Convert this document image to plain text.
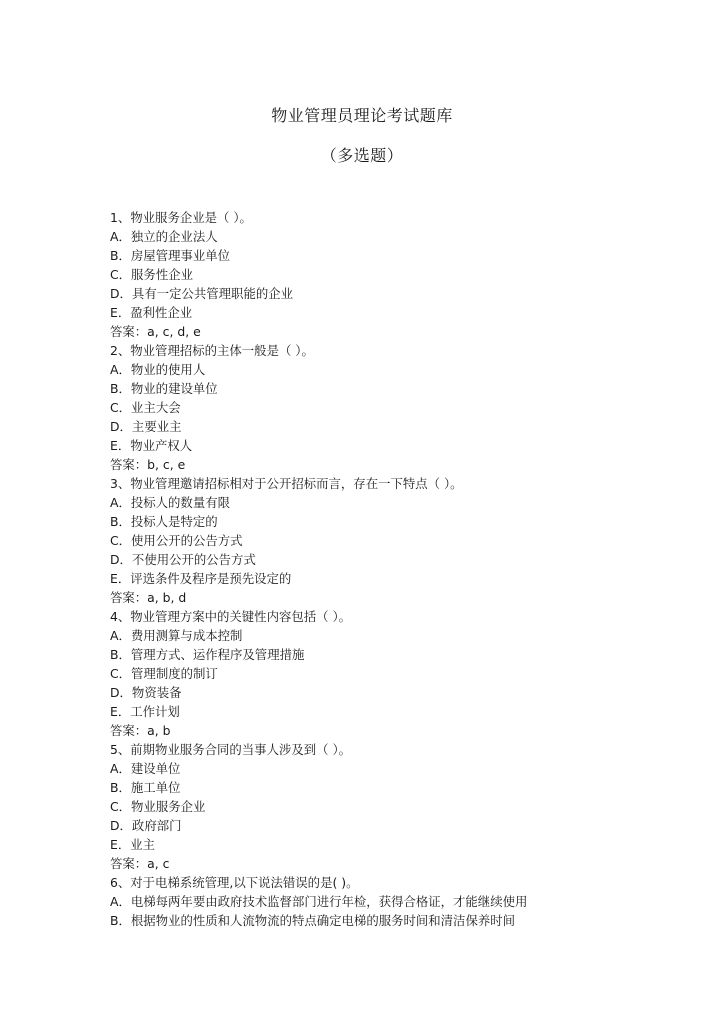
物业管理员理论考试题库
（多选题）
1、物业服务企业是（ ）。
A．独立的企业法人
B．房屋管理事业单位
C．服务性企业
D．具有一定公共管理职能的企业
E．盈利性企业
答案：a, c, d, e
2、物业管理招标的主体一般是（ ）。
A．物业的使用人
B．物业的建设单位
C．业主大会
D．主要业主
E．物业产权人
答案：b, c, e
3、物业管理邀请招标相对于公开招标而言，存在一下特点（ ）。
A．投标人的数量有限
B．投标人是特定的
C．使用公开的公告方式
D．不使用公开的公告方式
E．评选条件及程序是预先设定的
答案：a, b, d
4、物业管理方案中的关键性内容包括（ ）。
A．费用测算与成本控制
B．管理方式、运作程序及管理措施
C．管理制度的制订
D．物资装备
E．工作计划
答案：a, b
5、前期物业服务合同的当事人涉及到（ ）。
A．建设单位
B．施工单位
C．物业服务企业
D．政府部门
E．业主
答案：a, c
6、对于电梯系统管理,以下说法错误的是( )。
A．电梯每两年要由政府技术监督部门进行年检，获得合格证，才能继续使用
B．根据物业的性质和人流物流的特点确定电梯的服务时间和清洁保养时间
